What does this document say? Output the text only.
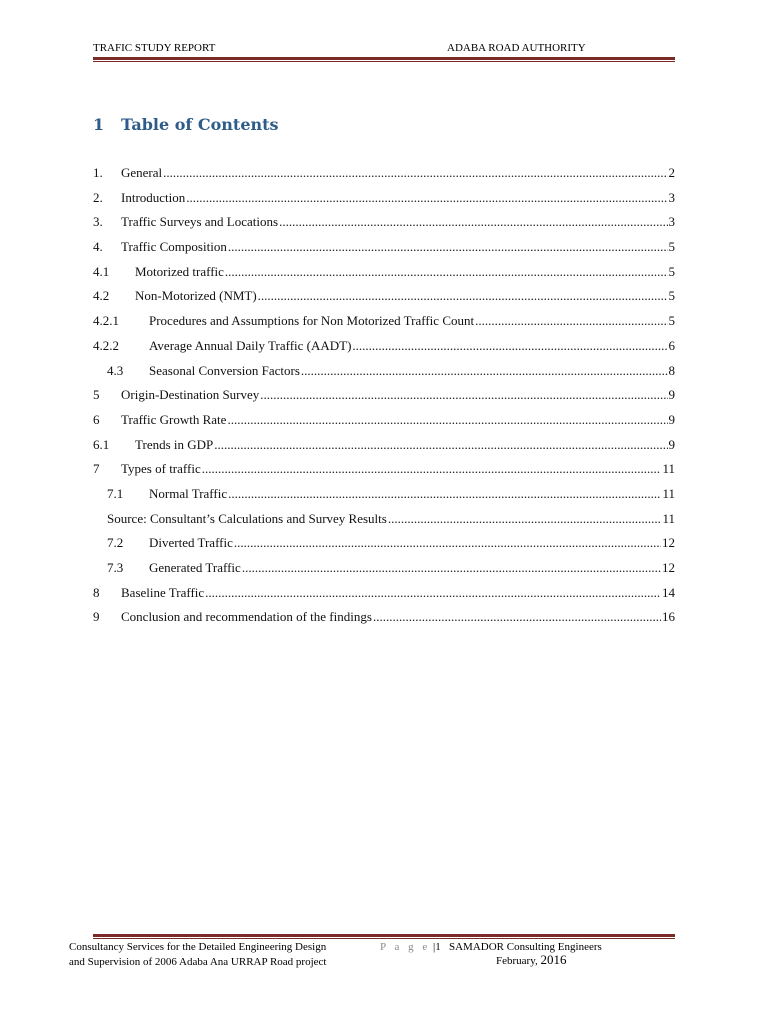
TRAFIC STUDY REPORT	ADABA ROAD AUTHORITY
1 Table of Contents
1.	General .....	2
2.	Introduction .....	3
3.	Traffic Surveys and Locations .....	3
4.	Traffic Composition .....	5
4.1	Motorized traffic .....	5
4.2	Non-Motorized (NMT) .....	5
4.2.1	Procedures and Assumptions for Non Motorized Traffic Count .....	5
4.2.2	Average Annual Daily Traffic (AADT) .....	6
4.3	Seasonal Conversion Factors .....	8
5	Origin-Destination Survey .....	9
6	Traffic Growth Rate .....	9
6.1	Trends in GDP .....	9
7	Types of traffic .....	11
7.1	Normal Traffic .....	11
Source: Consultant’s Calculations and Survey Results .....	11
7.2	Diverted Traffic .....	12
7.3	Generated Traffic .....	12
8	Baseline Traffic .....	14
9	Conclusion and recommendation of the findings .....	16
Consultancy Services for the Detailed Engineering Design
and Supervision of 2006 Adaba Ana URRAP Road project
P a g e |1 SAMADOR Consulting Engineers
February, 2016
